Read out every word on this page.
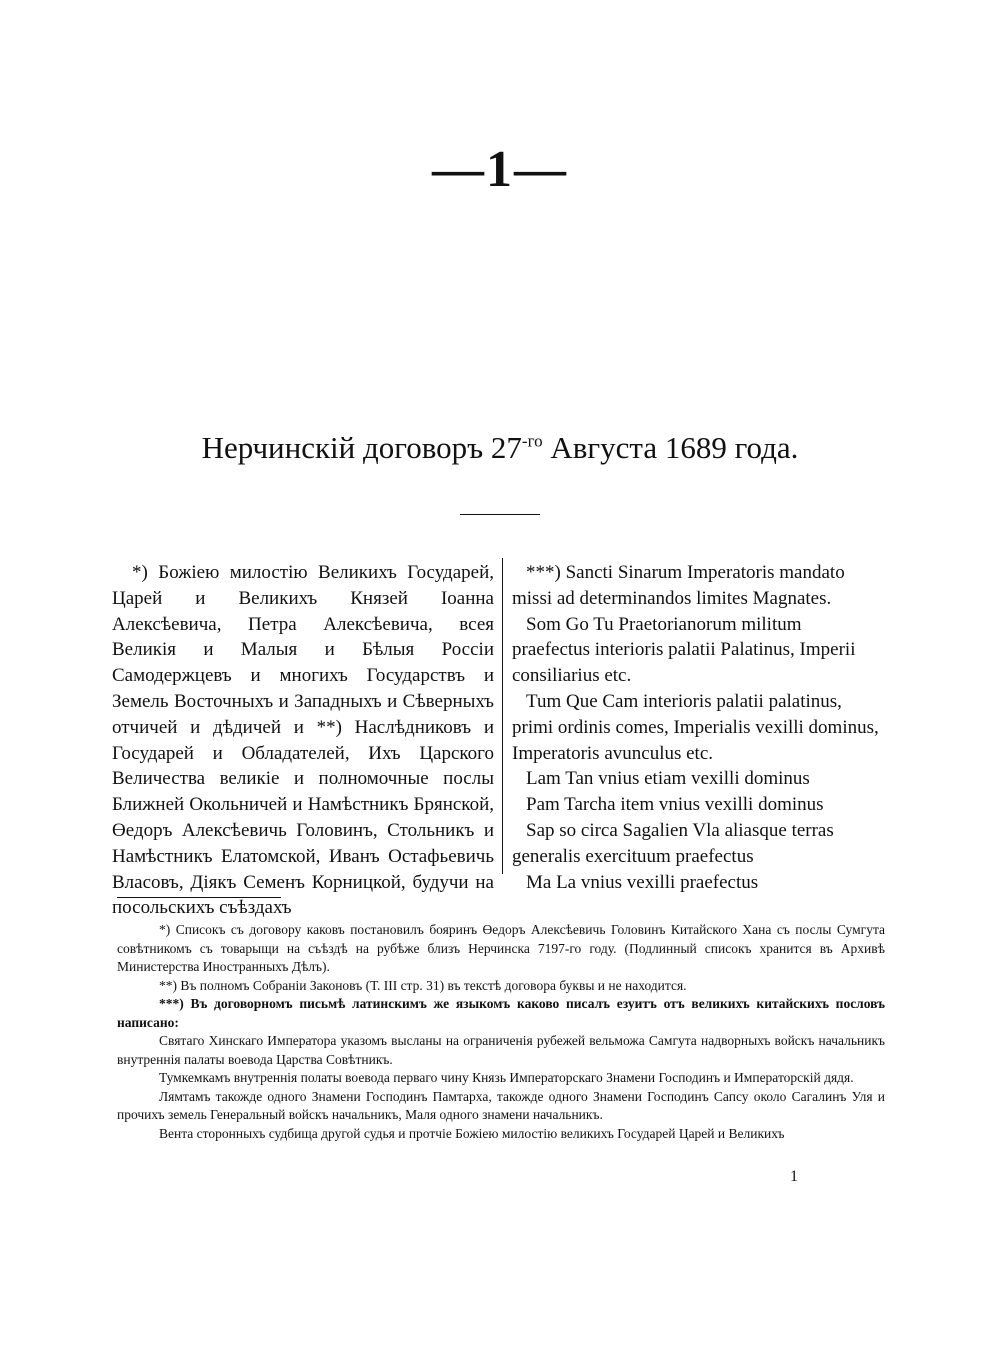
—1—
Нерчинскій договоръ $27^{-го}$ Августа 1689 года.

*) Божіею милостію Великихъ Государей, Царей и Великихъ Князей Іоанна Алексѣевича, Петра Алексѣевича, всея Великія и Малыя и Бѣлыя Россіи Самодержцевъ и многихъ Государствъ и Земель Восточныхъ и Западныхъ и Сѣверныхъ отчичей и дѣдичей и **) Наслѣдниковъ и Государей и Обладателей, Ихъ Царского Величества великіе и полномочные послы Ближней Окольничей и Намѣстникъ Брянской, Өедоръ Алексѣевичь Головинъ, Стольникъ и Намѣстникъ Елатомской, Иванъ Остафьевичь Власовъ, Діякъ Семенъ Корницкой, будучи на посольскихъ съѣздахъ

***) Sancti Sinarum Imperatoris mandato missi ad determinandos limites Magnates.

Som Go Tu Praetorianorum militum praefectus interioris palatii Palatinus, Imperii consiliarius etc.

Tum Que Cam interioris palatii palatinus, primi ordinis comes, Imperialis vexilli dominus, Imperatoris avunculus etc.

Lam Tan vnius etiam vexilli dominus

Pam Tarcha item vnius vexilli dominus

Sap so circa Sagalien Vla aliasque terras generalis exercituum praefectus

Ma La vnius vexilli praefectus

*) Списокъ съ договору каковъ постановилъ бояринъ Өедоръ Алексѣевичь Головинъ Китайского Хана съ послы Сумгута совѣтникомъ съ товарыщи на съѣздѣ на рубѣже близъ Нерчинска 7197-го году. (Подлинный списокъ хранится въ Архивѣ Министерства Иностранныхъ Дѣлъ).

**) Въ полномъ Собраніи Законовъ (Т. III стр. 31) въ текстѣ договора буквы и не находится.

***) Въ договорномъ письмѣ латинскимъ же языкомъ каково писалъ езуитъ отъ великихъ китайскихъ пословъ написано:

Святаго Хинскаго Императора указомъ высланы на ограниченія рубежей вельможа Самгута надворныхъ войскъ начальникъ внутреннія палаты воевода Царства Совѣтникъ.

Тумкемкамъ внутреннія полаты воевода перваго чину Князь Императорскаго Знамени Господинъ и Императорскій дядя.

Лямтамъ такожде одного Знамени Господинъ Памтарха, такожде одного Знамени Господинъ Сапсу около Сагалинъ Уля и прочихъ земель Генеральный войскъ начальникъ, Маля одного знамени начальникъ.

Вента сторонныхъ судбища другой судья и протчіе Божіею милостію великихъ Государей Царей и Великихъ

1
